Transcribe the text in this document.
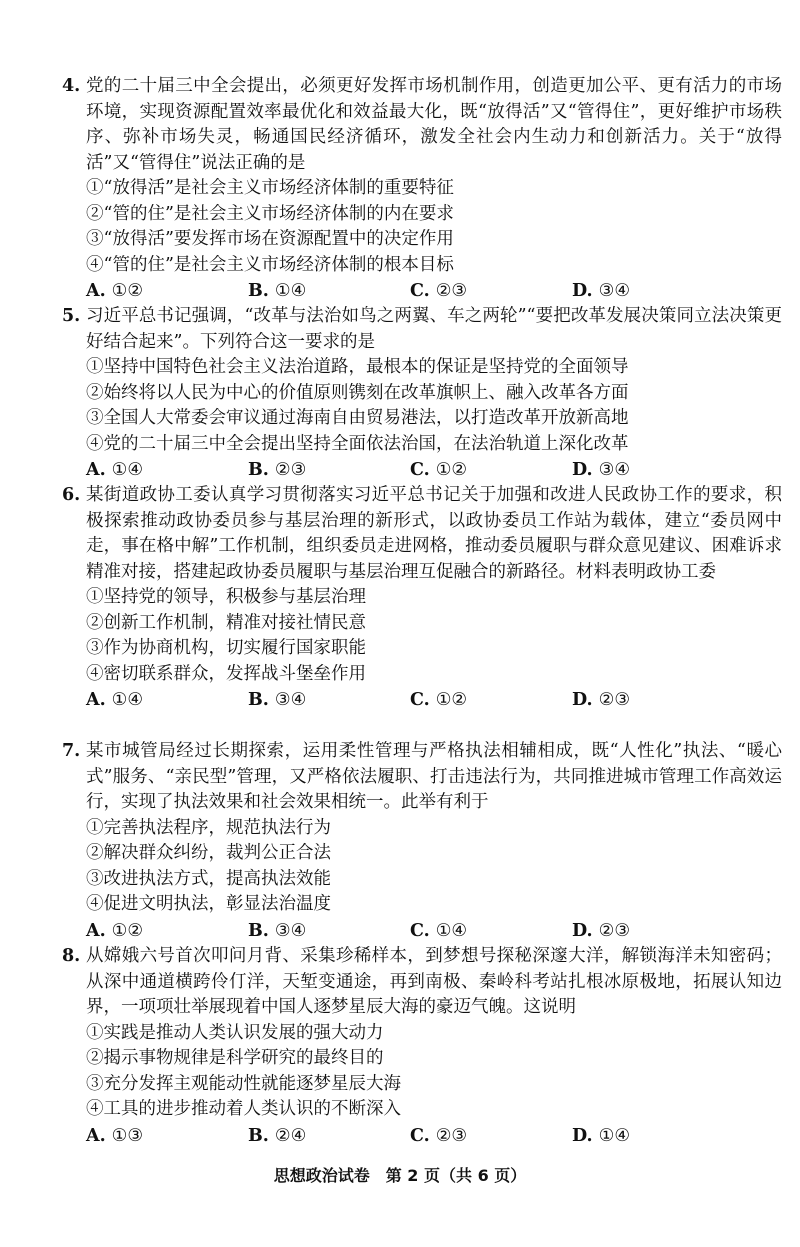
4. 党的二十届三中全会提出，必须更好发挥市场机制作用，创造更加公平、更有活力的市场环境，实现资源配置效率最优化和效益最大化，既“放得活”又“管得住”，更好维护市场秩序、弥补市场失灵，畅通国民经济循环，激发全社会内生动力和创新活力。关于“放得活”又“管得住”说法正确的是
①“放得活”是社会主义市场经济体制的重要特征
②“管的住”是社会主义市场经济体制的内在要求
③“放得活”要发挥市场在资源配置中的决定作用
④“管的住”是社会主义市场经济体制的根本目标
A. ①②	B. ①④	C. ②③	D. ③④
5. 习近平总书记强调，“改革与法治如鸟之两翼、车之两轮”“要把改革发展决策同立法决策更好结合起来”。下列符合这一要求的是
①坚持中国特色社会主义法治道路，最根本的保证是坚持党的全面领导
②始终将以人民为中心的价值原则镌刻在改革旗帜上、融入改革各方面
③全国人大常委会审议通过海南自由贸易港法，以打造改革开放新高地
④党的二十届三中全会提出坚持全面依法治国，在法治轨道上深化改革
A. ①④	B. ②③	C. ①②	D. ③④
6. 某街道政协工委认真学习贯彻落实习近平总书记关于加强和改进人民政协工作的要求，积极探索推动政协委员参与基层治理的新形式，以政协委员工作站为载体，建立“委员网中走，事在格中解”工作机制，组织委员走进网格，推动委员履职与群众意见建议、困难诉求精准对接，搭建起政协委员履职与基层治理互促融合的新路径。材料表明政协工委
①坚持党的领导，积极参与基层治理
②创新工作机制，精准对接社情民意
③作为协商机构，切实履行国家职能
④密切联系群众，发挥战斗堡垒作用
A. ①④	B. ③④	C. ①②	D. ②③
7. 某市城管局经过长期探索，运用柔性管理与严格执法相辅相成，既“人性化”执法、“暖心式”服务、“亲民型”管理，又严格依法履职、打击违法行为，共同推进城市管理工作高效运行，实现了执法效果和社会效果相统一。此举有利于
①完善执法程序，规范执法行为
②解决群众纠纷，裁判公正合法
③改进执法方式，提高执法效能
④促进文明执法，彰显法治温度
A. ①②	B. ③④	C. ①④	D. ②③
8. 从嫦娥六号首次叩问月背、采集珍稀样本，到梦想号探秘深邃大洋，解锁海洋未知密码；从深中通道横跨伶仃洋，天堑变通途，再到南极、秦岭科考站扎根冰原极地，拓展认知边界，一项项壮举展现着中国人逐梦星辰大海的豪迈气魄。这说明
①实践是推动人类认识发展的强大动力
②揭示事物规律是科学研究的最终目的
③充分发挥主观能动性就能逐梦星辰大海
④工具的进步推动着人类认识的不断深入
A. ①③	B. ②④	C. ②③	D. ①④
思想政治试卷　第 2 页（共 6 页）
